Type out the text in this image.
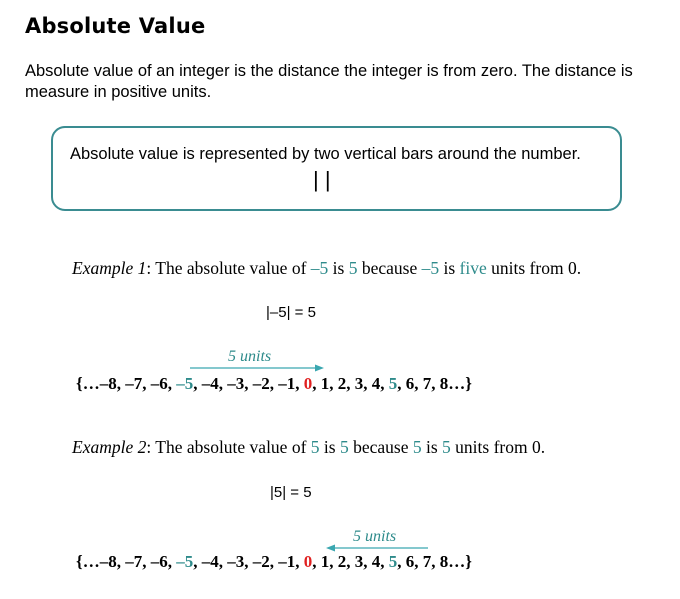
Absolute Value
Absolute value of an integer is the distance the integer is from zero. The distance is measure in positive units.
Absolute value is represented by two vertical bars around the number.
| |
Example 1: The absolute value of –5 is 5 because –5 is five units from 0.
|–5| = 5
5 units
{…–8, –7, –6, –5, –4, –3, –2, –1, 0, 1, 2, 3, 4, 5, 6, 7, 8…}
Example 2: The absolute value of 5 is 5 because 5 is 5 units from 0.
|5| = 5
5 units
{…–8, –7, –6, –5, –4, –3, –2, –1, 0, 1, 2, 3, 4, 5, 6, 7, 8…}
